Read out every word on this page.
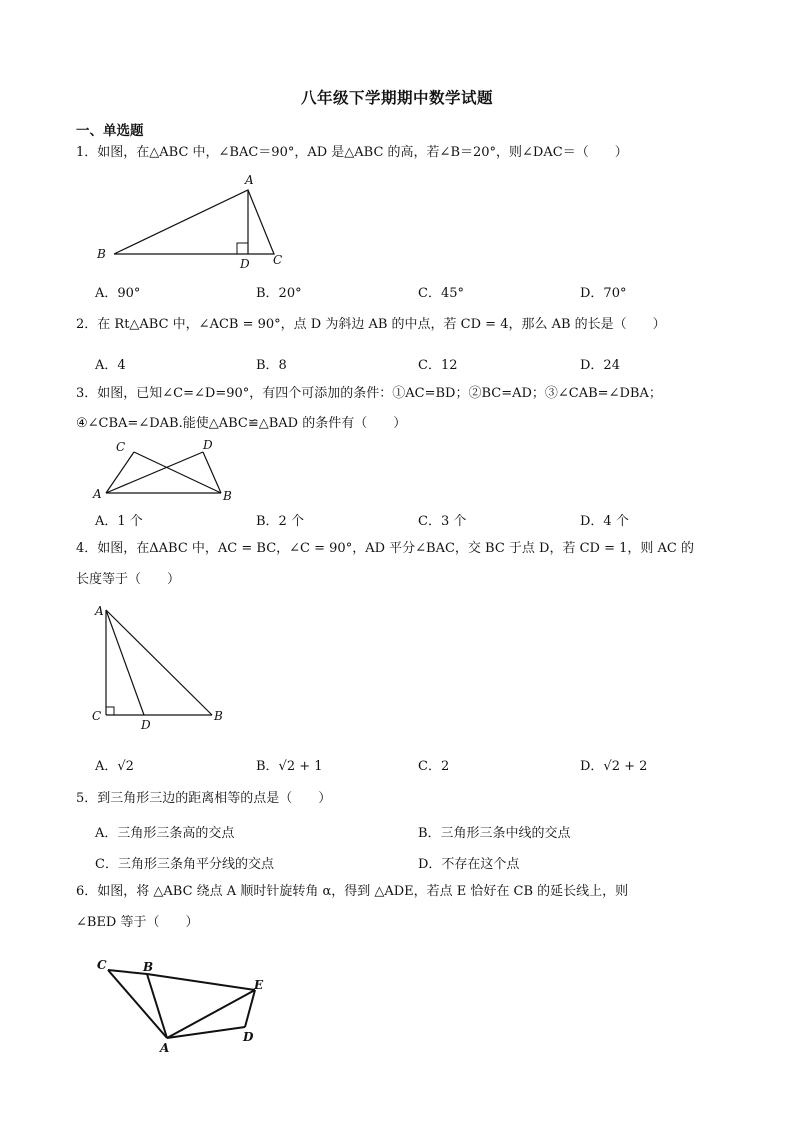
八年级下学期期中数学试题
一、单选题
1．如图，在△ABC 中，∠BAC＝90°，AD 是△ABC 的高，若∠B＝20°，则∠DAC＝（　　）
A
B
D C
A．90°	B．20°	C．45°	D．70°
2．在 Rt△ABC 中，∠ACB = 90°，点 D 为斜边 AB 的中点，若 CD = 4，那么 AB 的长是（　　）
A．4	B．8	C．12	D．24
3．如图，已知∠C=∠D=90°，有四个可添加的条件：①AC=BD；②BC=AD；③∠CAB=∠DBA；
④∠CBA=∠DAB.能使△ABC≌△BAD 的条件有（　　）
C	D
A	B
A．1 个	B．2 个	C．3 个	D．4 个
4．如图，在ΔABC 中，AC = BC，∠C = 90°，AD 平分∠BAC，交 BC 于点 D，若 CD = 1，则 AC 的
长度等于（　　）
A
C
D
B
A．√2	B．√2 + 1	C．2	D．√2 + 2
5．到三角形三边的距离相等的点是（　　）
A．三角形三条高的交点	B．三角形三条中线的交点
C．三角形三条角平分线的交点	D．不存在这个点
6．如图，将 △ABC 绕点 A 顺时针旋转角 α，得到 △ADE，若点 E 恰好在 CB 的延长线上，则
∠BED 等于（　　）
C	B
E
D
A
